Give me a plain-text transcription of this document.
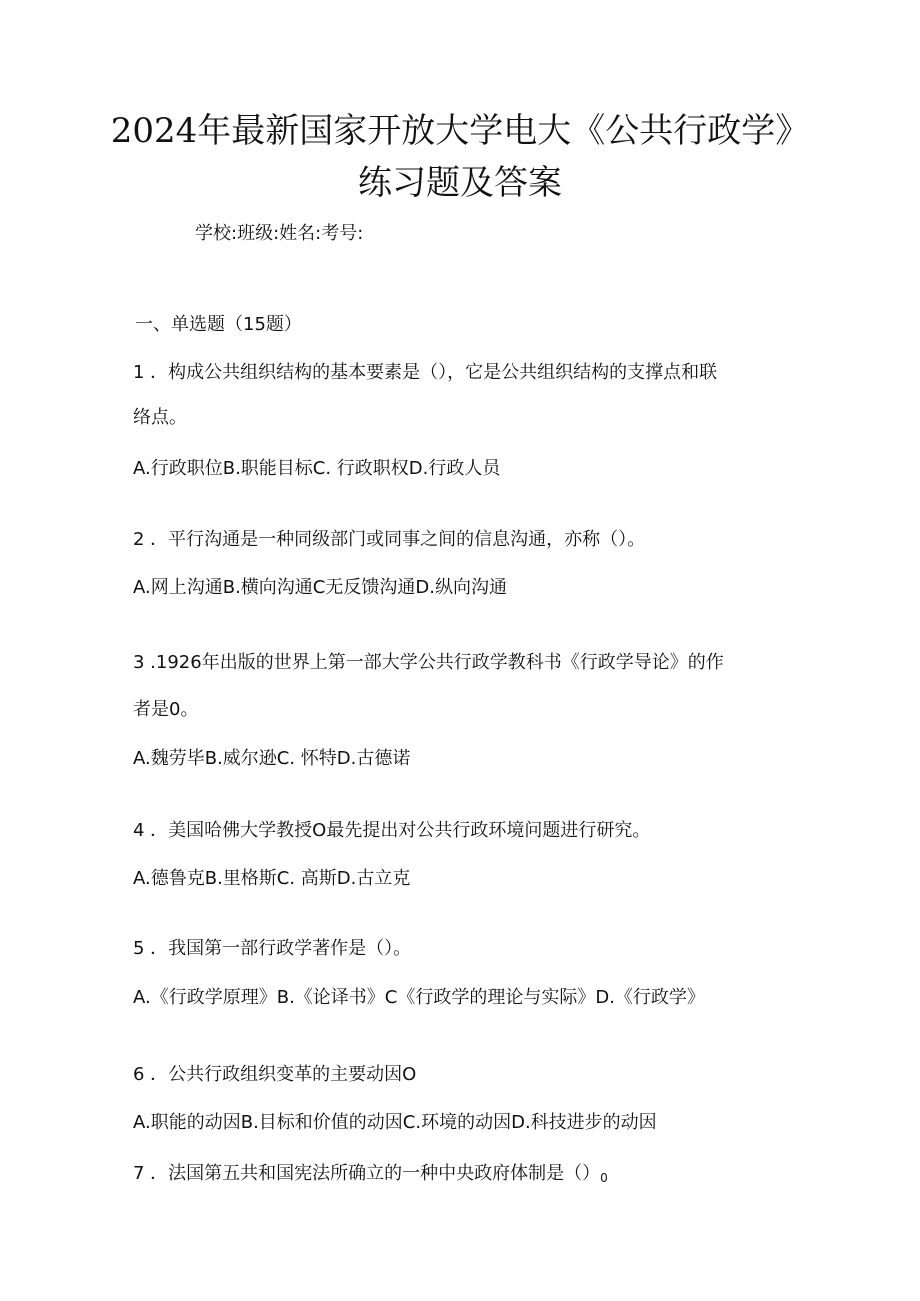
2024年最新国家开放大学电大《公共行政学》
练习题及答案
学校:班级:姓名:考号:
一、单选题（15题）
1 ．构成公共组织结构的基本要素是（），它是公共组织结构的支撑点和联
络点。
A.行政职位B.职能目标C. 行政职权D.行政人员
2 ．平行沟通是一种同级部门或同事之间的信息沟通，亦称（）。
A.网上沟通B.横向沟通C无反馈沟通D.纵向沟通
3 .1926年出版的世界上第一部大学公共行政学教科书《行政学导论》的作
者是0。
A.魏劳毕B.威尔逊C. 怀特D.古德诺
4 ．美国哈佛大学教授O最先提出对公共行政环境问题进行研究。
A.德鲁克B.里格斯C. 高斯D.古立克
5 ．我国第一部行政学著作是（）。
A.《行政学原理》B.《论译书》C《行政学的理论与实际》D.《行政学》
6 ．公共行政组织变革的主要动因O
A.职能的动因B.目标和价值的动因C.环境的动因D.科技进步的动因
7 ．法国第五共和国宪法所确立的一种中央政府体制是$()_0$
